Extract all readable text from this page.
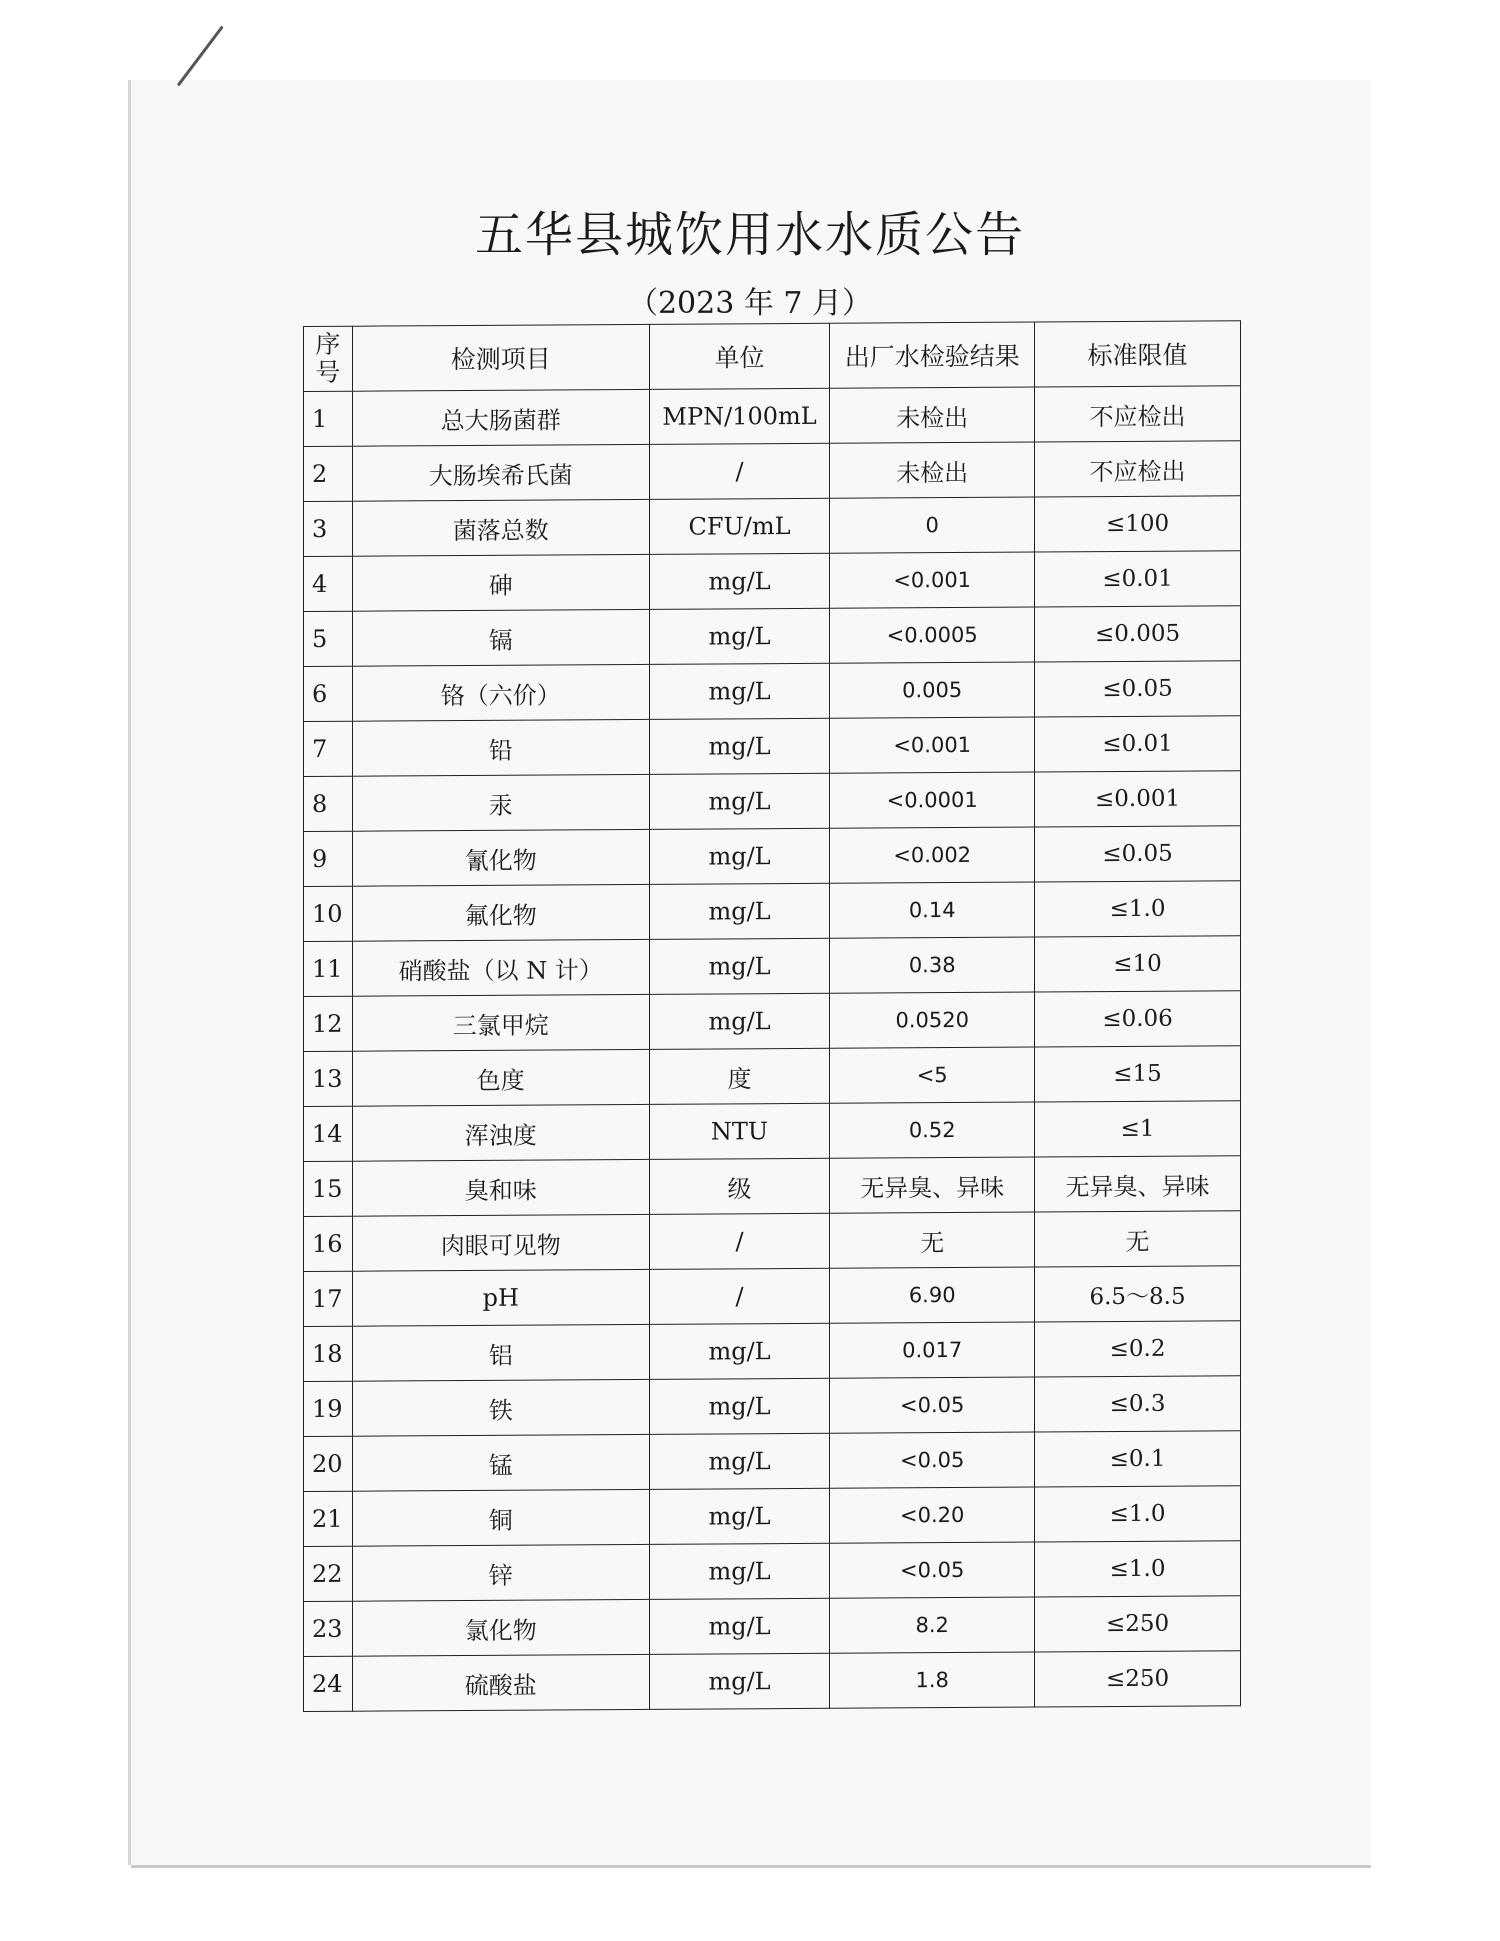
五华县城饮用水水质公告
（2023 年 7 月）
序号	检测项目	单位	出厂水检验结果	标准限值
1	总大肠菌群	MPN/100mL	未检出	不应检出
2	大肠埃希氏菌	/	未检出	不应检出
3	菌落总数	CFU/mL	0	≤100
4	砷	mg/L	<0.001	≤0.01
5	镉	mg/L	<0.0005	≤0.005
6	铬（六价）	mg/L	0.005	≤0.05
7	铅	mg/L	<0.001	≤0.01
8	汞	mg/L	<0.0001	≤0.001
9	氰化物	mg/L	<0.002	≤0.05
10	氟化物	mg/L	0.14	≤1.0
11	硝酸盐（以 N 计）	mg/L	0.38	≤10
12	三氯甲烷	mg/L	0.0520	≤0.06
13	色度	度	<5	≤15
14	浑浊度	NTU	0.52	≤1
15	臭和味	级	无异臭、异味	无异臭、异味
16	肉眼可见物	/	无	无
17	pH	/	6.90	6.5～8.5
18	铝	mg/L	0.017	≤0.2
19	铁	mg/L	<0.05	≤0.3
20	锰	mg/L	<0.05	≤0.1
21	铜	mg/L	<0.20	≤1.0
22	锌	mg/L	<0.05	≤1.0
23	氯化物	mg/L	8.2	≤250
24	硫酸盐	mg/L	1.8	≤250
